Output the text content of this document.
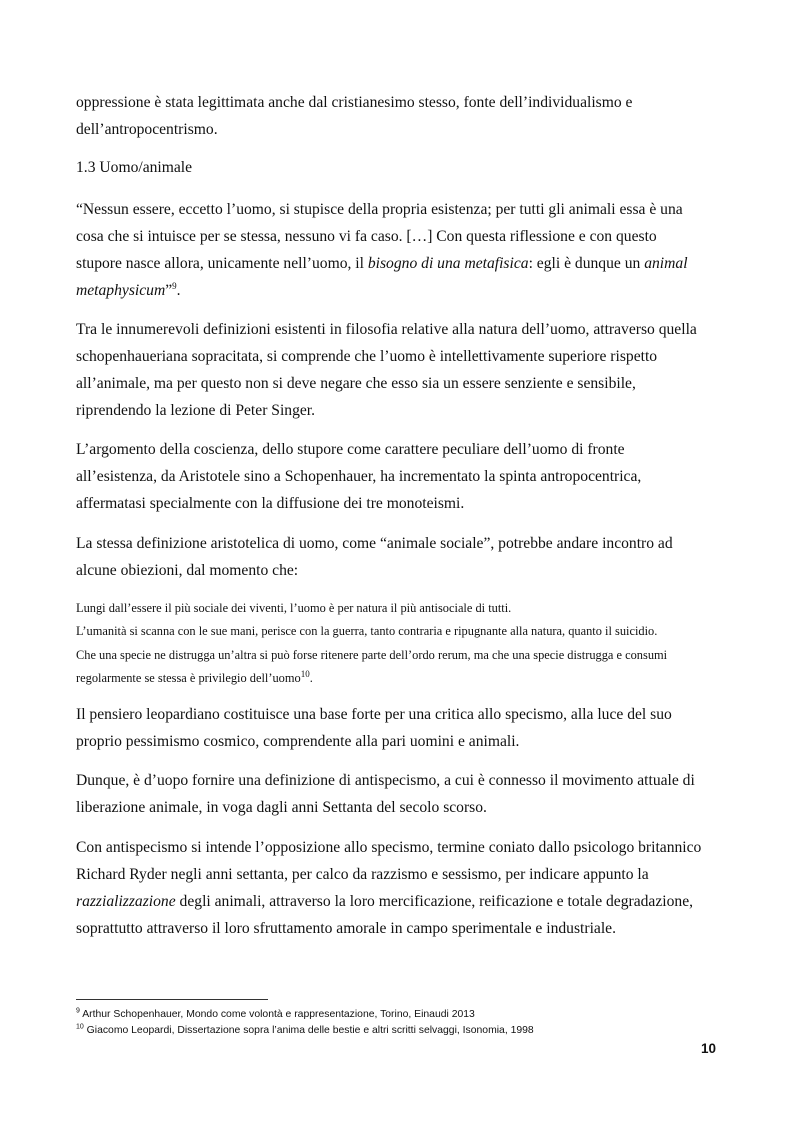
oppressione è stata legittimata anche dal cristianesimo stesso, fonte dell’individualismo e
dell’antropocentrismo.
1.3 Uomo/animale
“Nessun essere, eccetto l’uomo, si stupisce della propria esistenza; per tutti gli animali essa è una
cosa che si intuisce per se stessa, nessuno vi fa caso. […] Con questa riflessione e con questo
stupore nasce allora, unicamente nell’uomo, il bisogno di una metafisica: egli è dunque un animal
metaphysicum”$^9$.
Tra le innumerevoli definizioni esistenti in filosofia relative alla natura dell’uomo, attraverso quella
schopenhaueriana sopracitata, si comprende che l’uomo è intellettivamente superiore rispetto
all’animale, ma per questo non si deve negare che esso sia un essere senziente e sensibile,
riprendendo la lezione di Peter Singer.
L’argomento della coscienza, dello stupore come carattere peculiare dell’uomo di fronte
all’esistenza, da Aristotele sino a Schopenhauer, ha incrementato la spinta antropocentrica,
affermatasi specialmente con la diffusione dei tre monoteismi.
La stessa definizione aristotelica di uomo, come “animale sociale”, potrebbe andare incontro ad
alcune obiezioni, dal momento che:
Lungi dall’essere il più sociale dei viventi, l’uomo è per natura il più antisociale di tutti.
L’umanità si scanna con le sue mani, perisce con la guerra, tanto contraria e ripugnante alla natura, quanto il suicidio.
Che una specie ne distrugga un’altra si può forse ritenere parte dell’ordo rerum, ma che una specie distrugga e consumi
regolarmente se stessa è privilegio dell’uomo$^{10}$.
Il pensiero leopardiano costituisce una base forte per una critica allo specismo, alla luce del suo
proprio pessimismo cosmico, comprendente alla pari uomini e animali.
Dunque, è d’uopo fornire una definizione di antispecismo, a cui è connesso il movimento attuale di
liberazione animale, in voga dagli anni Settanta del secolo scorso.
Con antispecismo si intende l’opposizione allo specismo, termine coniato dallo psicologo britannico
Richard Ryder negli anni settanta, per calco da razzismo e sessismo, per indicare appunto la
razzializzazione degli animali, attraverso la loro mercificazione, reificazione e totale degradazione,
soprattutto attraverso il loro sfruttamento amorale in campo sperimentale e industriale.
$^9$ Arthur Schopenhauer, Mondo come volontà e rappresentazione, Torino, Einaudi 2013
$^{10}$ Giacomo Leopardi, Dissertazione sopra l’anima delle bestie e altri scritti selvaggi, Isonomia, 1998
10
